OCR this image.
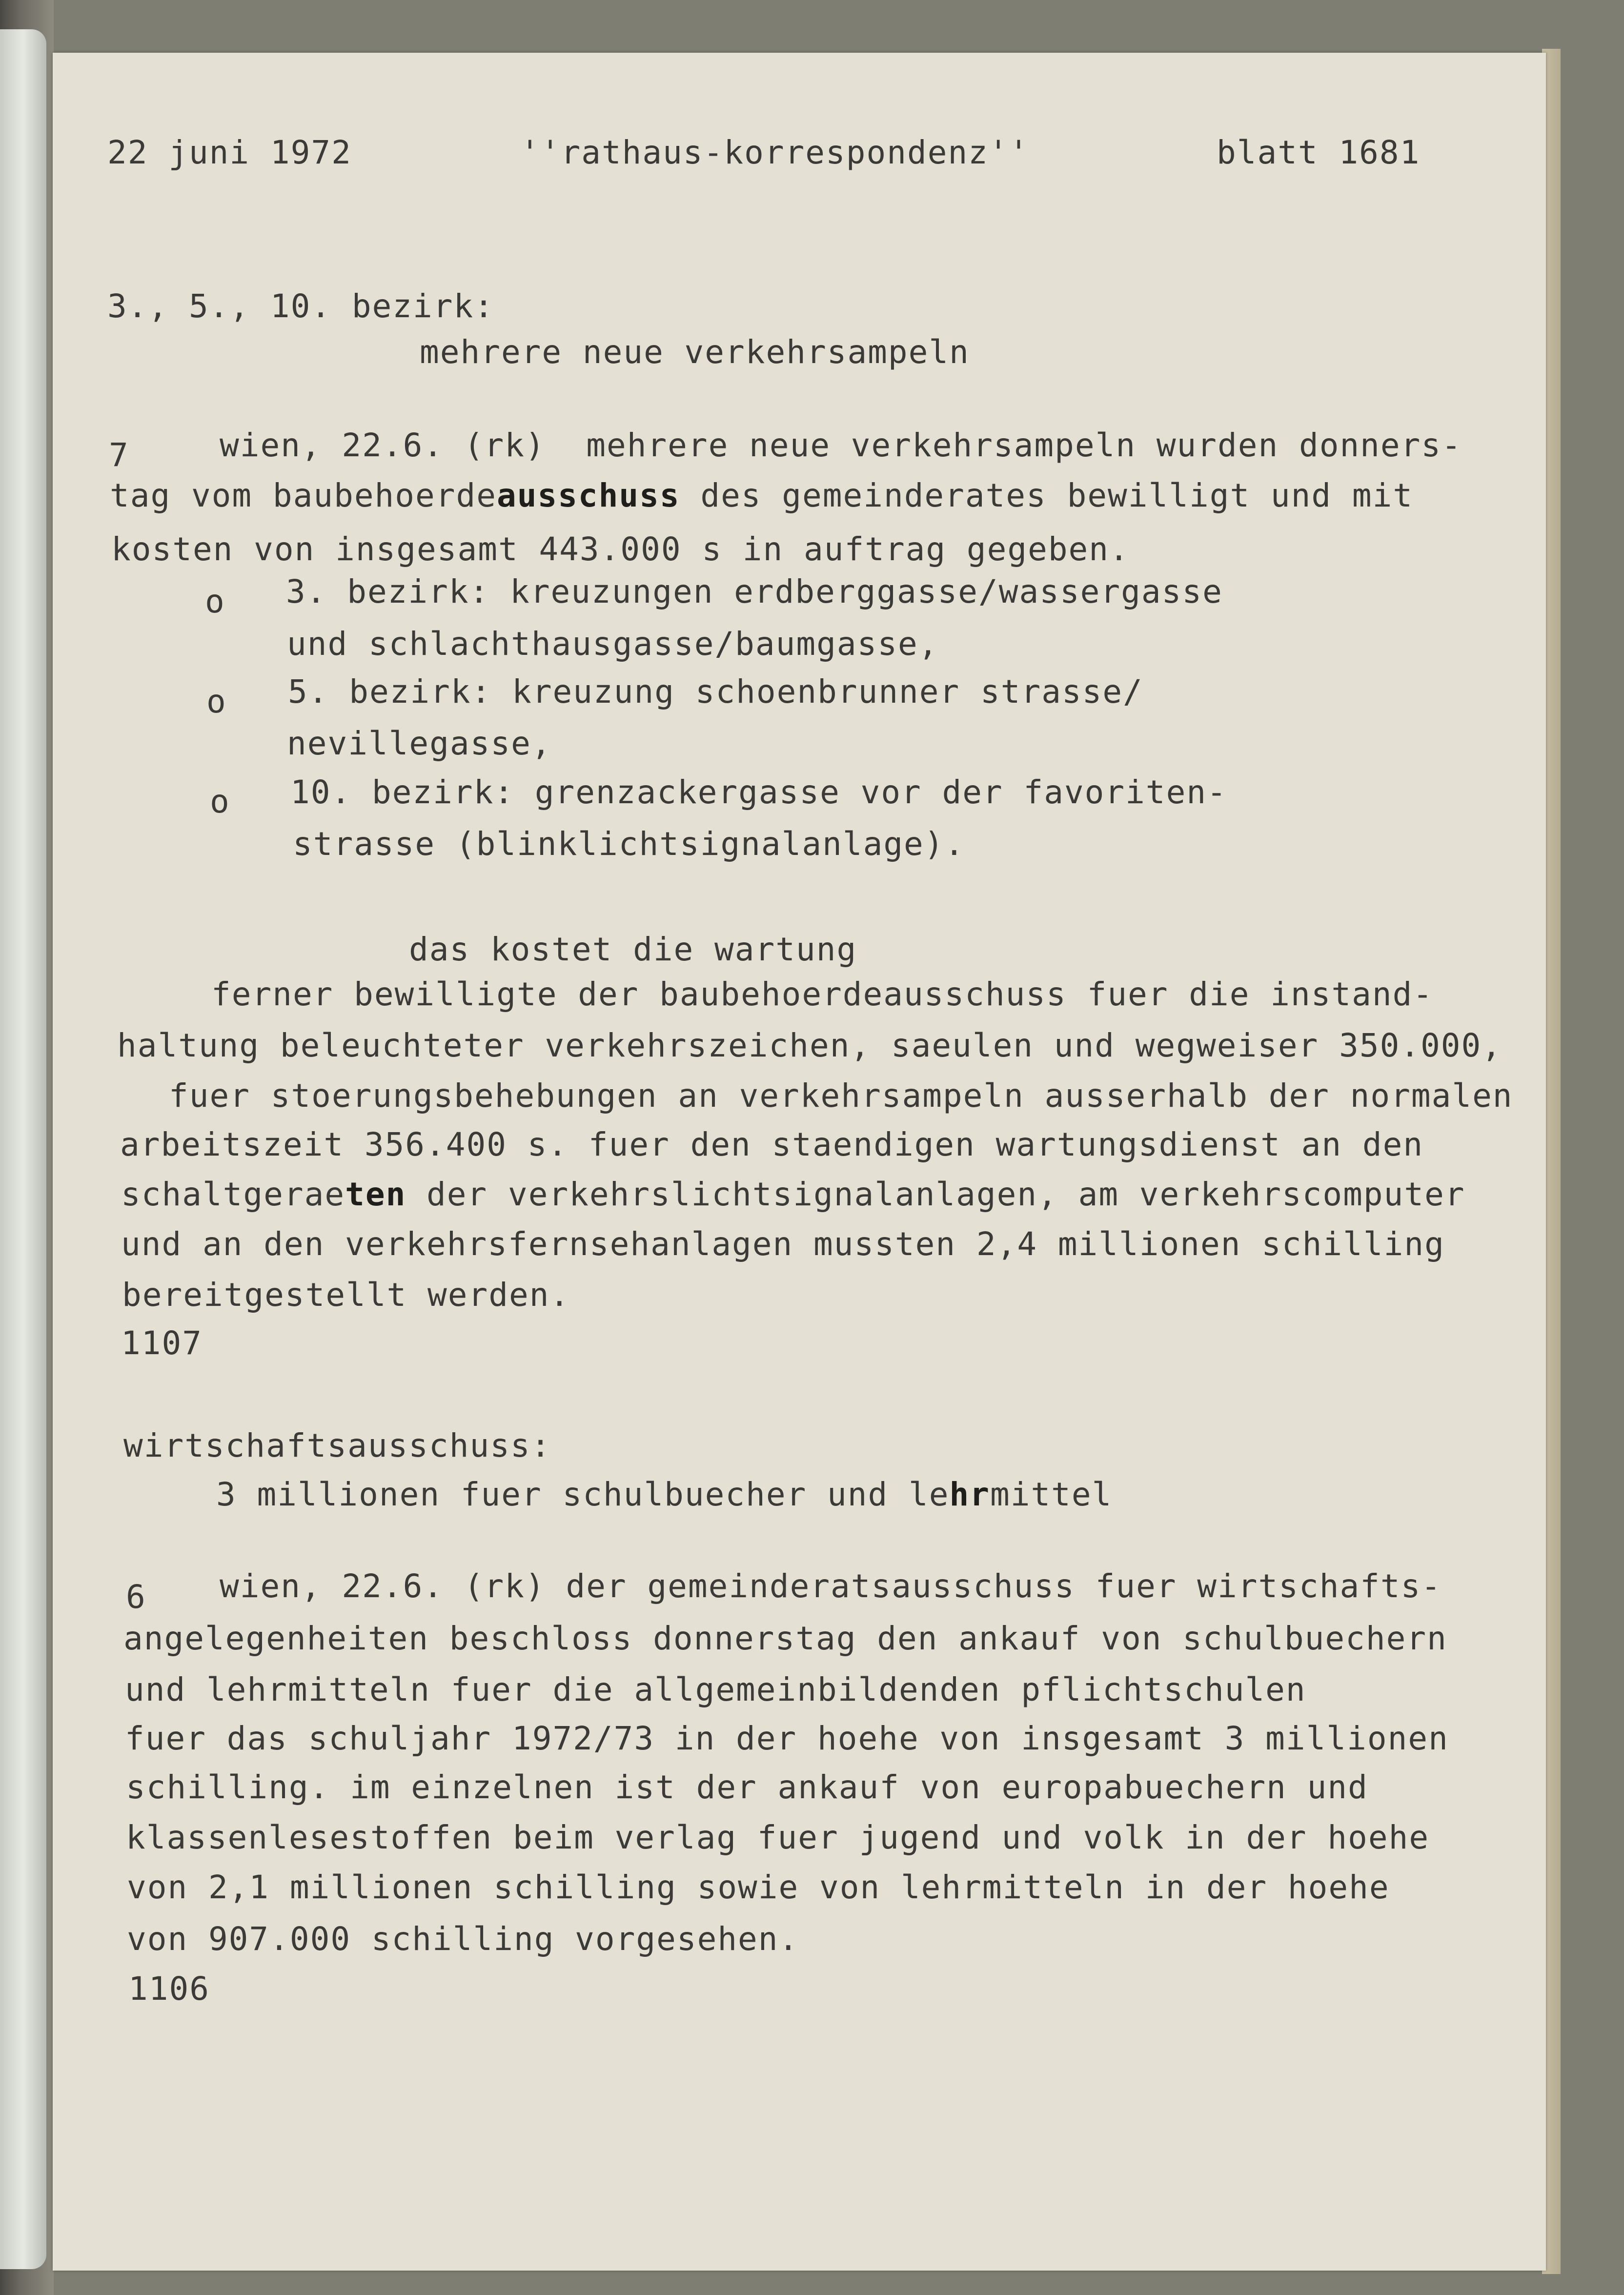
22 juni 1972	''rathaus-korrespondenz''	blatt 1681
3., 5., 10. bezirk:
mehrere neue verkehrsampeln
7	wien, 22.6. (rk)  mehrere neue verkehrsampeln wurden donners-
tag vom baubehoerdeausschuss des gemeinderates bewilligt und mit
kosten von insgesamt 443.000 s in auftrag gegeben.
o 3. bezirk: kreuzungen erdberggasse/wassergasse
und schlachthausgasse/baumgasse,
o 5. bezirk: kreuzung schoenbrunner strasse/
nevillegasse,
o 10. bezirk: grenzackergasse vor der favoriten-
strasse (blinklichtsignalanlage).
das kostet die wartung
ferner bewilligte der baubehoerdeausschuss fuer die instand-
haltung beleuchteter verkehrszeichen, saeulen und wegweiser 350.000,
fuer stoerungsbehebungen an verkehrsampeln ausserhalb der normalen
arbeitszeit 356.400 s. fuer den staendigen wartungsdienst an den
schaltgeraeten der verkehrslichtsignalanlagen, am verkehrscomputer
und an den verkehrsfernsehanlagen mussten 2,4 millionen schilling
bereitgestellt werden.
1107
wirtschaftsausschuss:
3 millionen fuer schulbuecher und lehrmittel
6 wien, 22.6. (rk) der gemeinderatsausschuss fuer wirtschafts-
angelegenheiten beschloss donnerstag den ankauf von schulbuechern
und lehrmitteln fuer die allgemeinbildenden pflichtschulen
fuer das schuljahr 1972/73 in der hoehe von insgesamt 3 millionen
schilling. im einzelnen ist der ankauf von europabuechern und
klassenlesestoffen beim verlag fuer jugend und volk in der hoehe
von 2,1 millionen schilling sowie von lehrmitteln in der hoehe
von 907.000 schilling vorgesehen.
1106
